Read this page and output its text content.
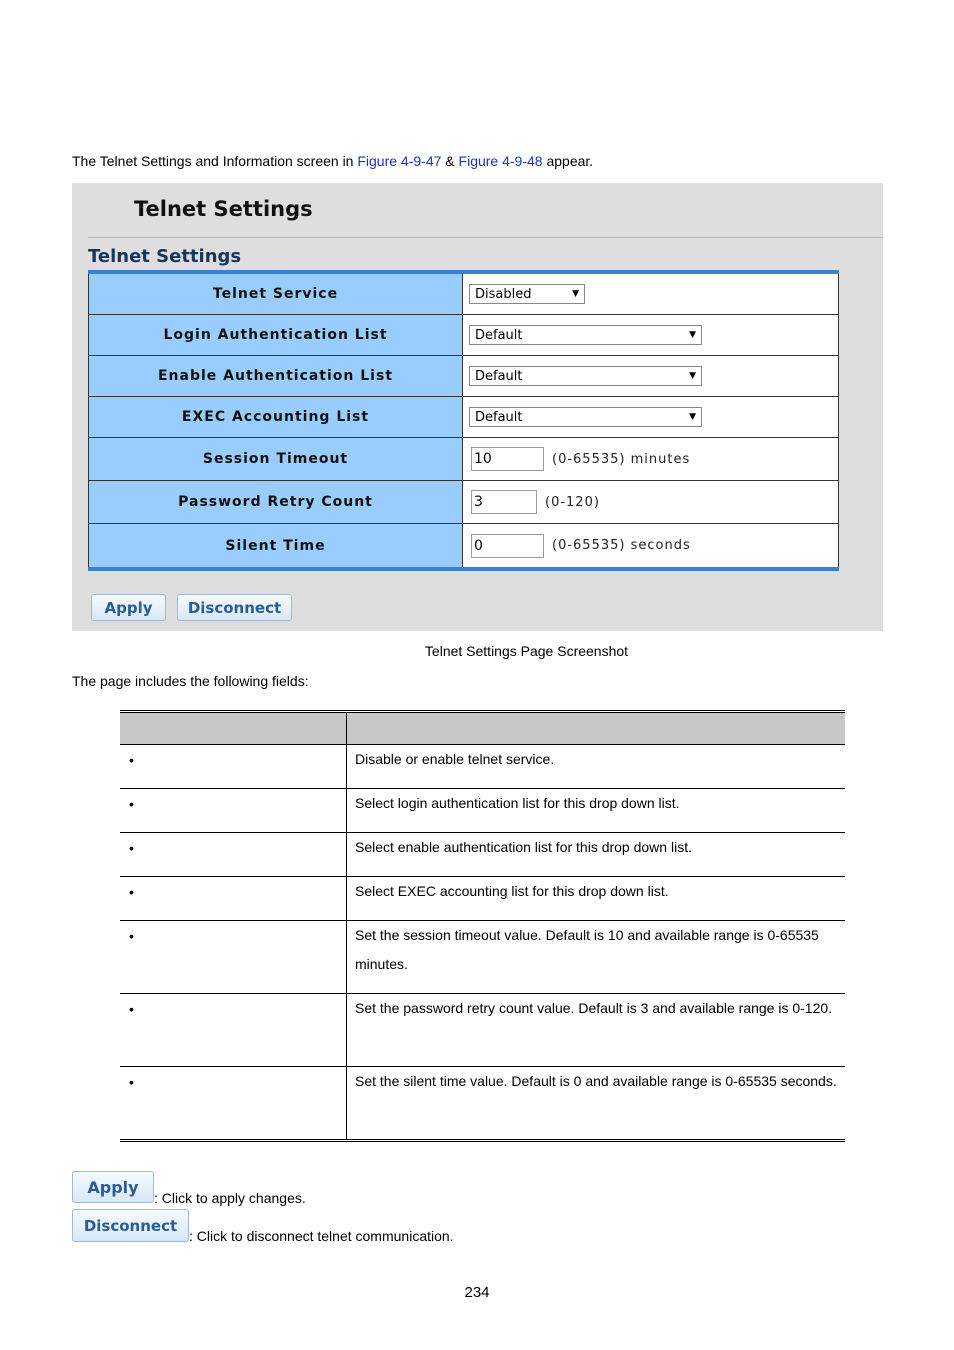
The Telnet Settings and Information screen in Figure 4-9-47 & Figure 4-9-48 appear.
Telnet Settings
Telnet Settings
Telnet Service	Disabled	▼
Login Authentication List	Default	▼
Enable Authentication List	Default	▼
EXEC Accounting List	Default	▼
Session Timeout	10	(0-65535) minutes
Password Retry Count	3	(0-120)
Silent Time	0	(0-65535) seconds
Apply	Disconnect
Telnet Settings Page Screenshot
The page includes the following fields:
•	Disable or enable telnet service.
•	Select login authentication list for this drop down list.
•	Select enable authentication list for this drop down list.
•	Select EXEC accounting list for this drop down list.
•	Set the session timeout value. Default is 10 and available range is 0-65535 minutes.
•	Set the password retry count value. Default is 3 and available range is 0-120.
•	Set the silent time value. Default is 0 and available range is 0-65535 seconds.
Apply
: Click to apply changes.
Disconnect
: Click to disconnect telnet communication.
234
